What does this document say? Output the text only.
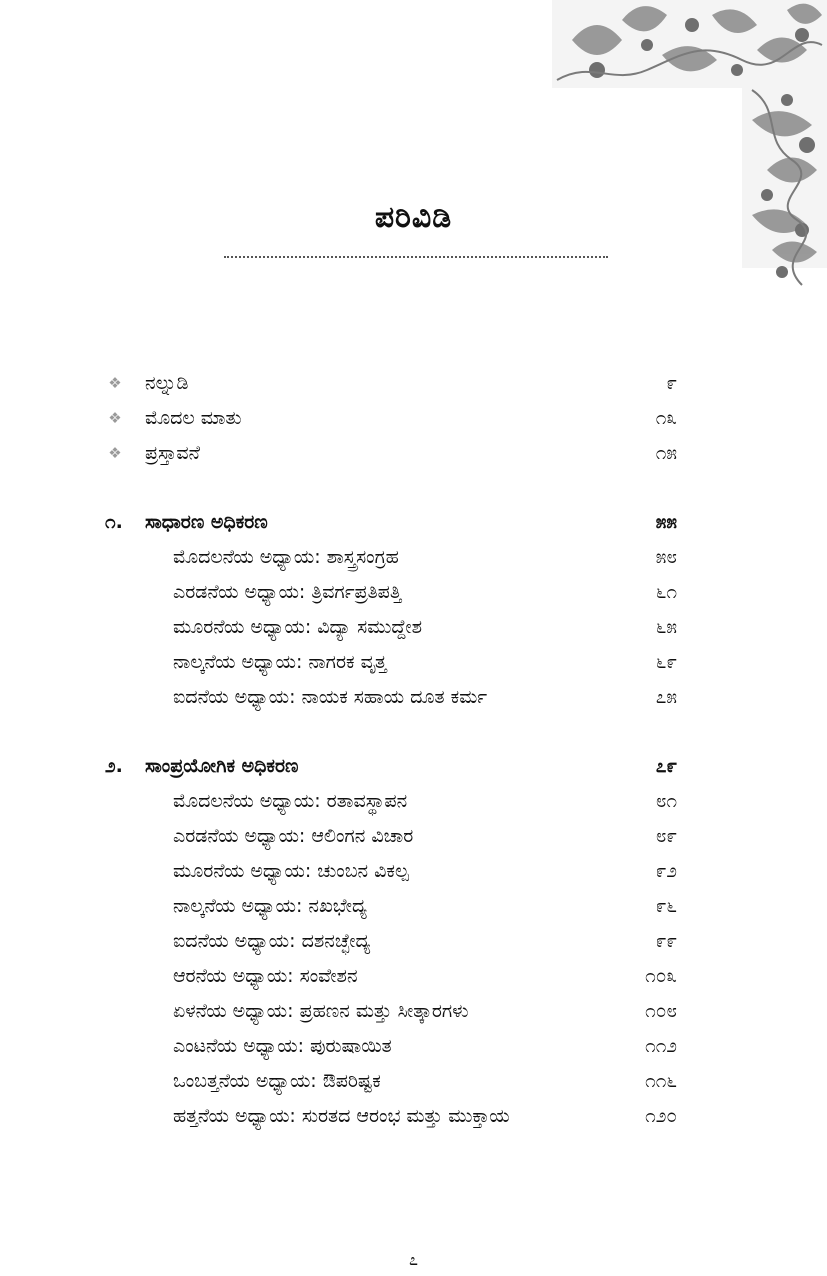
ಪರಿವಿಡಿ
❖ ನಲ್ನುಡಿ	೯
❖ ಮೊದಲ ಮಾತು	೧೩
❖ ಪ್ರಸ್ತಾವನೆ	೧೫
೧. ಸಾಧಾರಣ ಅಧಿಕರಣ	೫೫
ಮೊದಲನೆಯ ಅಧ್ಯಾಯ: ಶಾಸ್ತ್ರಸಂಗ್ರಹ	೫೮
ಎರಡನೆಯ ಅಧ್ಯಾಯ: ತ್ರಿವರ್ಗಪ್ರತಿಪತ್ತಿ	೬೧
ಮೂರನೆಯ ಅಧ್ಯಾಯ: ವಿದ್ಯಾ ಸಮುದ್ದೇಶ	೬೫
ನಾಲ್ಕನೆಯ ಅಧ್ಯಾಯ: ನಾಗರಕ ವೃತ್ತ	೬೯
ಐದನೆಯ ಅಧ್ಯಾಯ: ನಾಯಕ ಸಹಾಯ ದೂತ ಕರ್ಮ	೭೫
೨. ಸಾಂಪ್ರಯೋಗಿಕ ಅಧಿಕರಣ	೭೯
ಮೊದಲನೆಯ ಅಧ್ಯಾಯ: ರತಾವಸ್ಥಾಪನ	೮೧
ಎರಡನೆಯ ಅಧ್ಯಾಯ: ಆಲಿಂಗನ ವಿಚಾರ	೮೯
ಮೂರನೆಯ ಅಧ್ಯಾಯ: ಚುಂಬನ ವಿಕಲ್ಪ	೯೨
ನಾಲ್ಕನೆಯ ಅಧ್ಯಾಯ: ನಖಭೇದ್ಯ	೯೬
ಐದನೆಯ ಅಧ್ಯಾಯ: ದಶನಚ್ಛೇದ್ಯ	೯೯
ಆರನೆಯ ಅಧ್ಯಾಯ: ಸಂವೇಶನ	೧೦೩
ಏಳನೆಯ ಅಧ್ಯಾಯ: ಪ್ರಹಣನ ಮತ್ತು ಸೀತ್ಕಾರಗಳು	೧೦೮
ಎಂಟನೆಯ ಅಧ್ಯಾಯ: ಪುರುಷಾಯಿತ	೧೧೨
ಒಂಬತ್ತನೆಯ ಅಧ್ಯಾಯ: ಔಪರಿಷ್ಟಕ	೧೧೬
ಹತ್ತನೆಯ ಅಧ್ಯಾಯ: ಸುರತದ ಆರಂಭ ಮತ್ತು ಮುಕ್ತಾಯ	೧೨೦
೭
